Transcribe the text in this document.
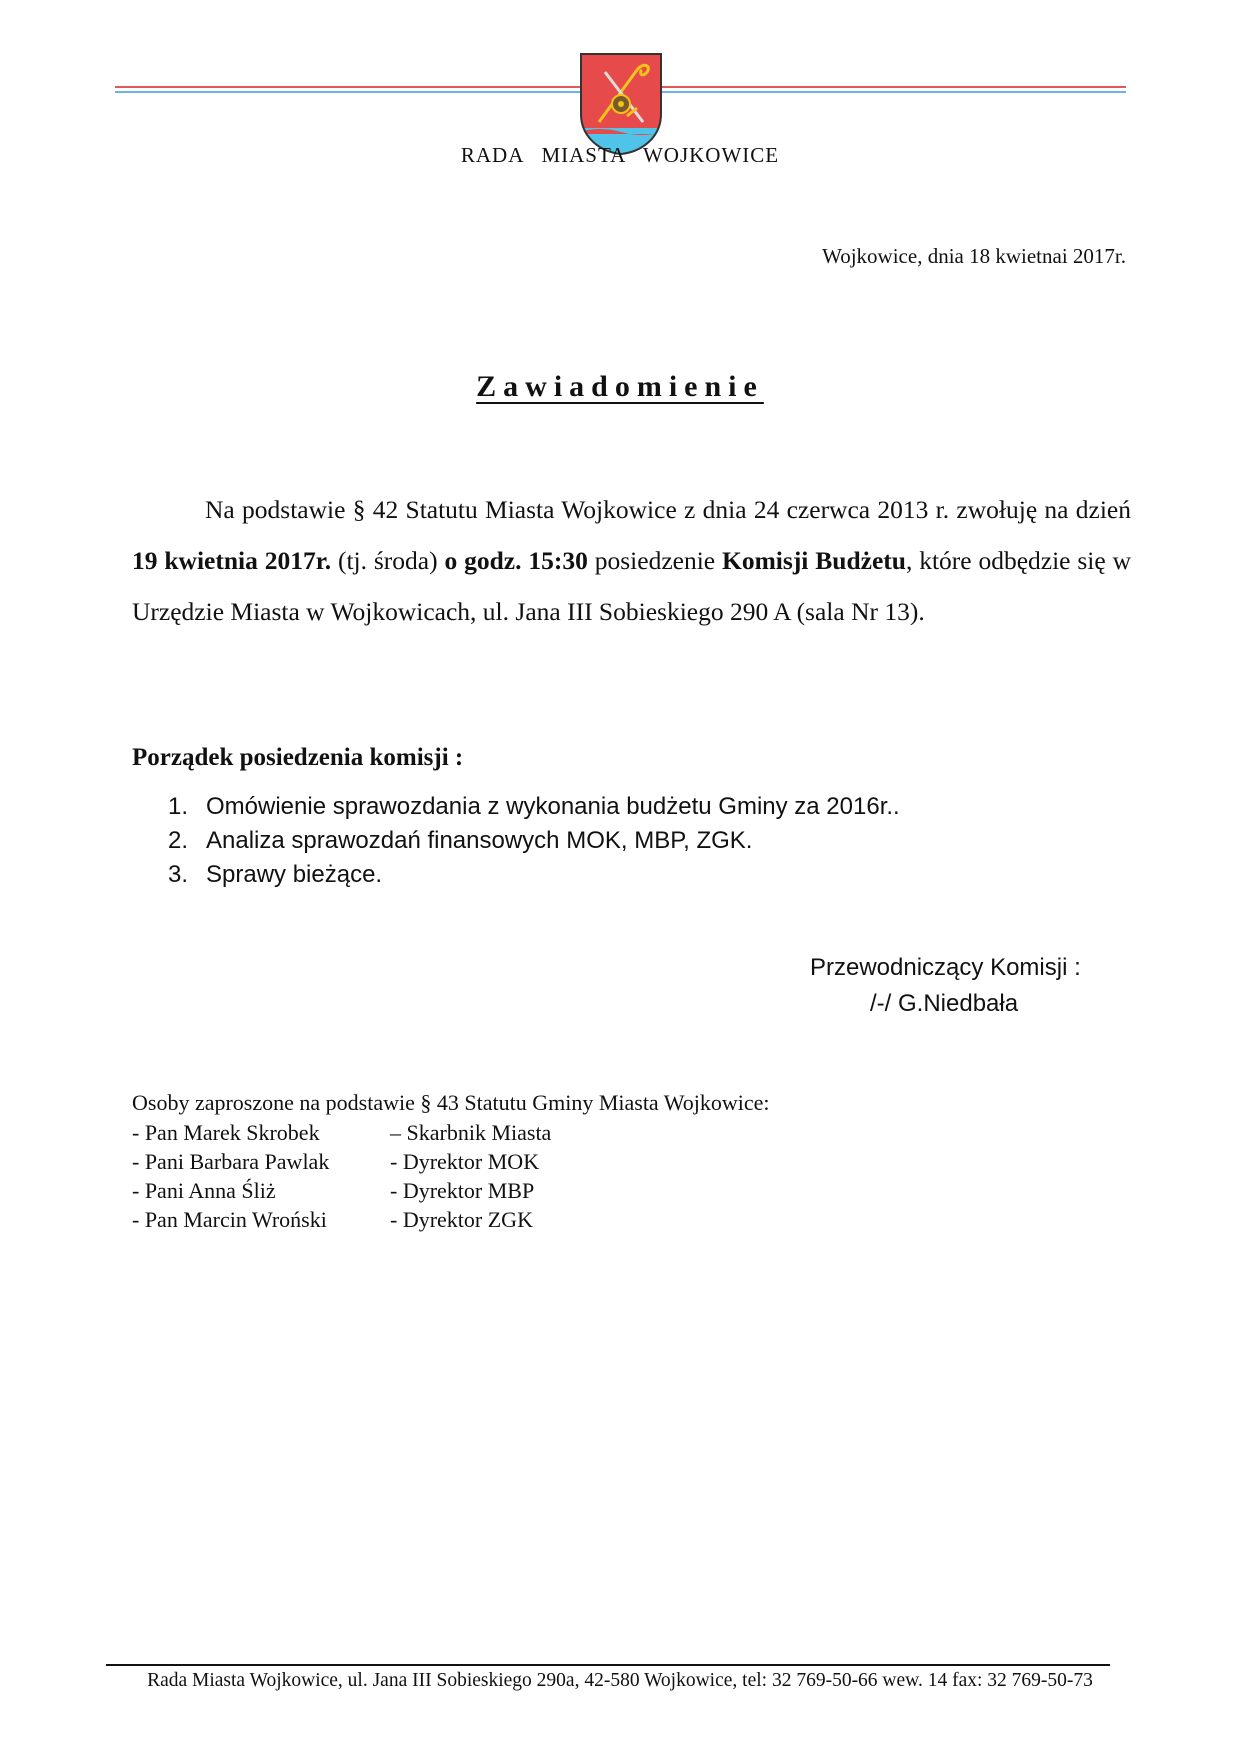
RADA MIASTA WOJKOWICE
Wojkowice, dnia 18 kwietnai 2017r.
Zawiadomienie

Na podstawie § 42 Statutu Miasta Wojkowice z dnia 24 czerwca 2013 r. zwołuję na dzień 19 kwietnia 2017r. (tj. środa) o godz. 15:30 posiedzenie Komisji Budżetu, które odbędzie się w Urzędzie Miasta w Wojkowicach, ul. Jana III Sobieskiego 290 A (sala Nr 13).

Porządek posiedzenia komisji :
1. Omówienie sprawozdania z wykonania budżetu Gminy za 2016r..
2. Analiza sprawozdań finansowych MOK, MBP, ZGK.
3. Sprawy bieżące.
Przewodniczący Komisji :
/-/ G.Niedbała
Osoby zaproszone na podstawie § 43 Statutu Gminy Miasta Wojkowice:
- Pan Marek Skrobek	– Skarbnik Miasta
- Pani Barbara Pawlak	- Dyrektor MOK
- Pani Anna Śliż	- Dyrektor MBP
- Pan Marcin Wroński	- Dyrektor ZGK
Rada Miasta Wojkowice, ul. Jana III Sobieskiego 290a, 42-580 Wojkowice, tel: 32 769-50-66 wew. 14 fax: 32 769-50-73
